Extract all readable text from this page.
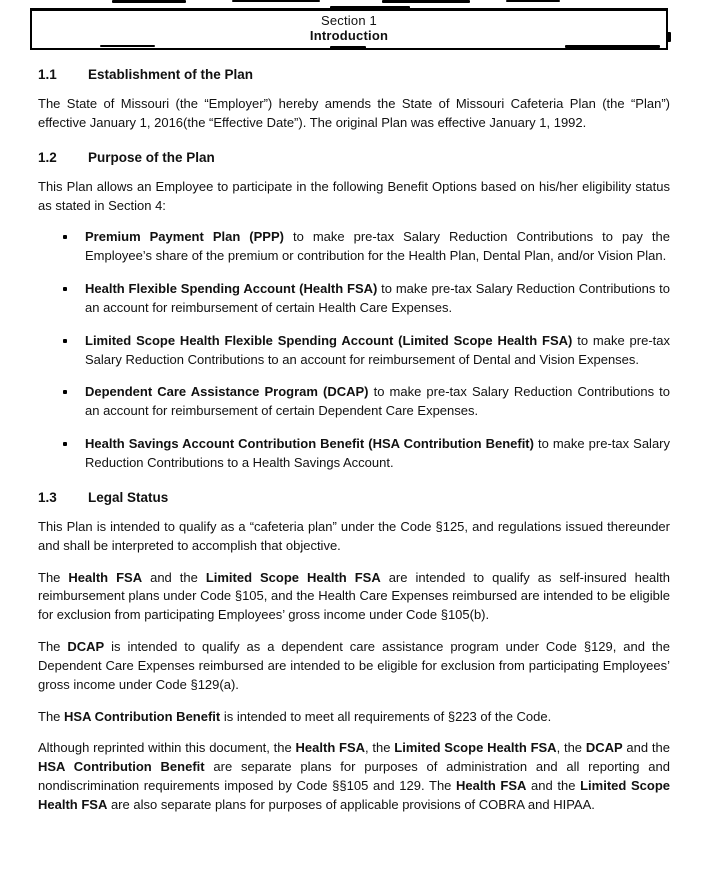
Section 1
Introduction
1.1	Establishment of the Plan

The State of Missouri (the “Employer”) hereby amends the State of Missouri Cafeteria Plan (the “Plan”) effective January 1, 2016(the “Effective Date”). The original Plan was effective January 1, 1992.

1.2	Purpose of the Plan

This Plan allows an Employee to participate in the following Benefit Options based on his/her eligibility status as stated in Section 4:

Premium Payment Plan (PPP) to make pre-tax Salary Reduction Contributions to pay the Employee’s share of the premium or contribution for the Health Plan, Dental Plan, and/or Vision Plan.
Health Flexible Spending Account (Health FSA) to make pre-tax Salary Reduction Contributions to an account for reimbursement of certain Health Care Expenses.
Limited Scope Health Flexible Spending Account (Limited Scope Health FSA) to make pre-tax Salary Reduction Contributions to an account for reimbursement of Dental and Vision Expenses.
Dependent Care Assistance Program (DCAP) to make pre-tax Salary Reduction Contributions to an account for reimbursement of certain Dependent Care Expenses.
Health Savings Account Contribution Benefit (HSA Contribution Benefit) to make pre-tax Salary Reduction Contributions to a Health Savings Account.
1.3	Legal Status

This Plan is intended to qualify as a “cafeteria plan” under the Code §125, and regulations issued thereunder and shall be interpreted to accomplish that objective.

The Health FSA and the Limited Scope Health FSA are intended to qualify as self-insured health reimbursement plans under Code §105, and the Health Care Expenses reimbursed are intended to be eligible for exclusion from participating Employees’ gross income under Code §105(b).

The DCAP is intended to qualify as a dependent care assistance program under Code §129, and the Dependent Care Expenses reimbursed are intended to be eligible for exclusion from participating Employees’ gross income under Code §129(a).

The HSA Contribution Benefit is intended to meet all requirements of §223 of the Code.

Although reprinted within this document, the Health FSA, the Limited Scope Health FSA, the DCAP and the HSA Contribution Benefit are separate plans for purposes of administration and all reporting and nondiscrimination requirements imposed by Code §§105 and 129. The Health FSA and the Limited Scope Health FSA are also separate plans for purposes of applicable provisions of COBRA and HIPAA.
